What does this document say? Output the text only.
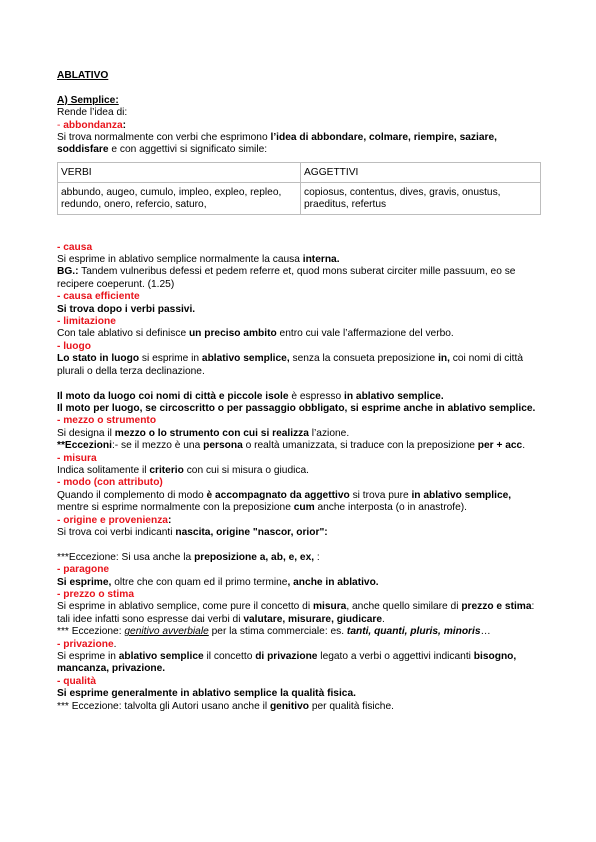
ABLATIVO
A) Semplice:
Rende l’idea di:
- abbondanza:
Si trova normalmente con verbi che esprimono l’idea di abbondare, colmare, riempire, saziare, soddisfare e con aggettivi si significato simile:
VERBI	AGGETTIVI
abbundo, augeo, cumulo, impleo, expleo, repleo, redundo, onero, refercio, saturo,	copiosus, contentus, dives, gravis, onustus, praeditus, refertus
- causa
Si esprime in ablativo semplice normalmente la causa interna.
BG.: Tandem vulneribus defessi et pedem referre et, quod mons suberat circiter mille passuum, eo se recipere coeperunt. (1.25)
- causa efficiente
Si trova dopo i verbi passivi.
- limitazione
Con tale ablativo si definisce un preciso ambito entro cui vale l’affermazione del verbo.
- luogo
Lo stato in luogo si esprime in ablativo semplice, senza la consueta preposizione in, coi nomi di città plurali o della terza declinazione.
Il moto da luogo coi nomi di città e piccole isole è espresso in ablativo semplice.
Il moto per luogo, se circoscritto o per passaggio obbligato, si esprime anche in ablativo semplice.
- mezzo o strumento
Si designa il mezzo o lo strumento con cui si realizza l’azione.
**Eccezioni:- se il mezzo è una persona o realtà umanizzata, si traduce con la preposizione per + acc.
- misura
Indica solitamente il criterio con cui si misura o giudica.
- modo (con attributo)
Quando il complemento di modo è accompagnato da aggettivo si trova pure in ablativo semplice, mentre si esprime normalmente con la preposizione cum anche interposta (o in anastrofe).
- origine e provenienza:
Si trova coi verbi indicanti nascita, origine "nascor, orior":
***Eccezione: Si usa anche la preposizione a, ab, e, ex, :
- paragone
Si esprime, oltre che con quam ed il primo termine, anche in ablativo.
- prezzo o stima
Si esprime in ablativo semplice, come pure il concetto di misura, anche quello similare di prezzo e stima: tali idee infatti sono espresse dai verbi di valutare, misurare, giudicare.
*** Eccezione: genitivo avverbiale per la stima commerciale: es. tanti, quanti, pluris, minoris…
- privazione.
Si esprime in ablativo semplice il concetto di privazione legato a verbi o aggettivi indicanti bisogno, mancanza, privazione.
- qualità
Si esprime generalmente in ablativo semplice la qualità fisica.
*** Eccezione: talvolta gli Autori usano anche il genitivo per qualità fisiche.
